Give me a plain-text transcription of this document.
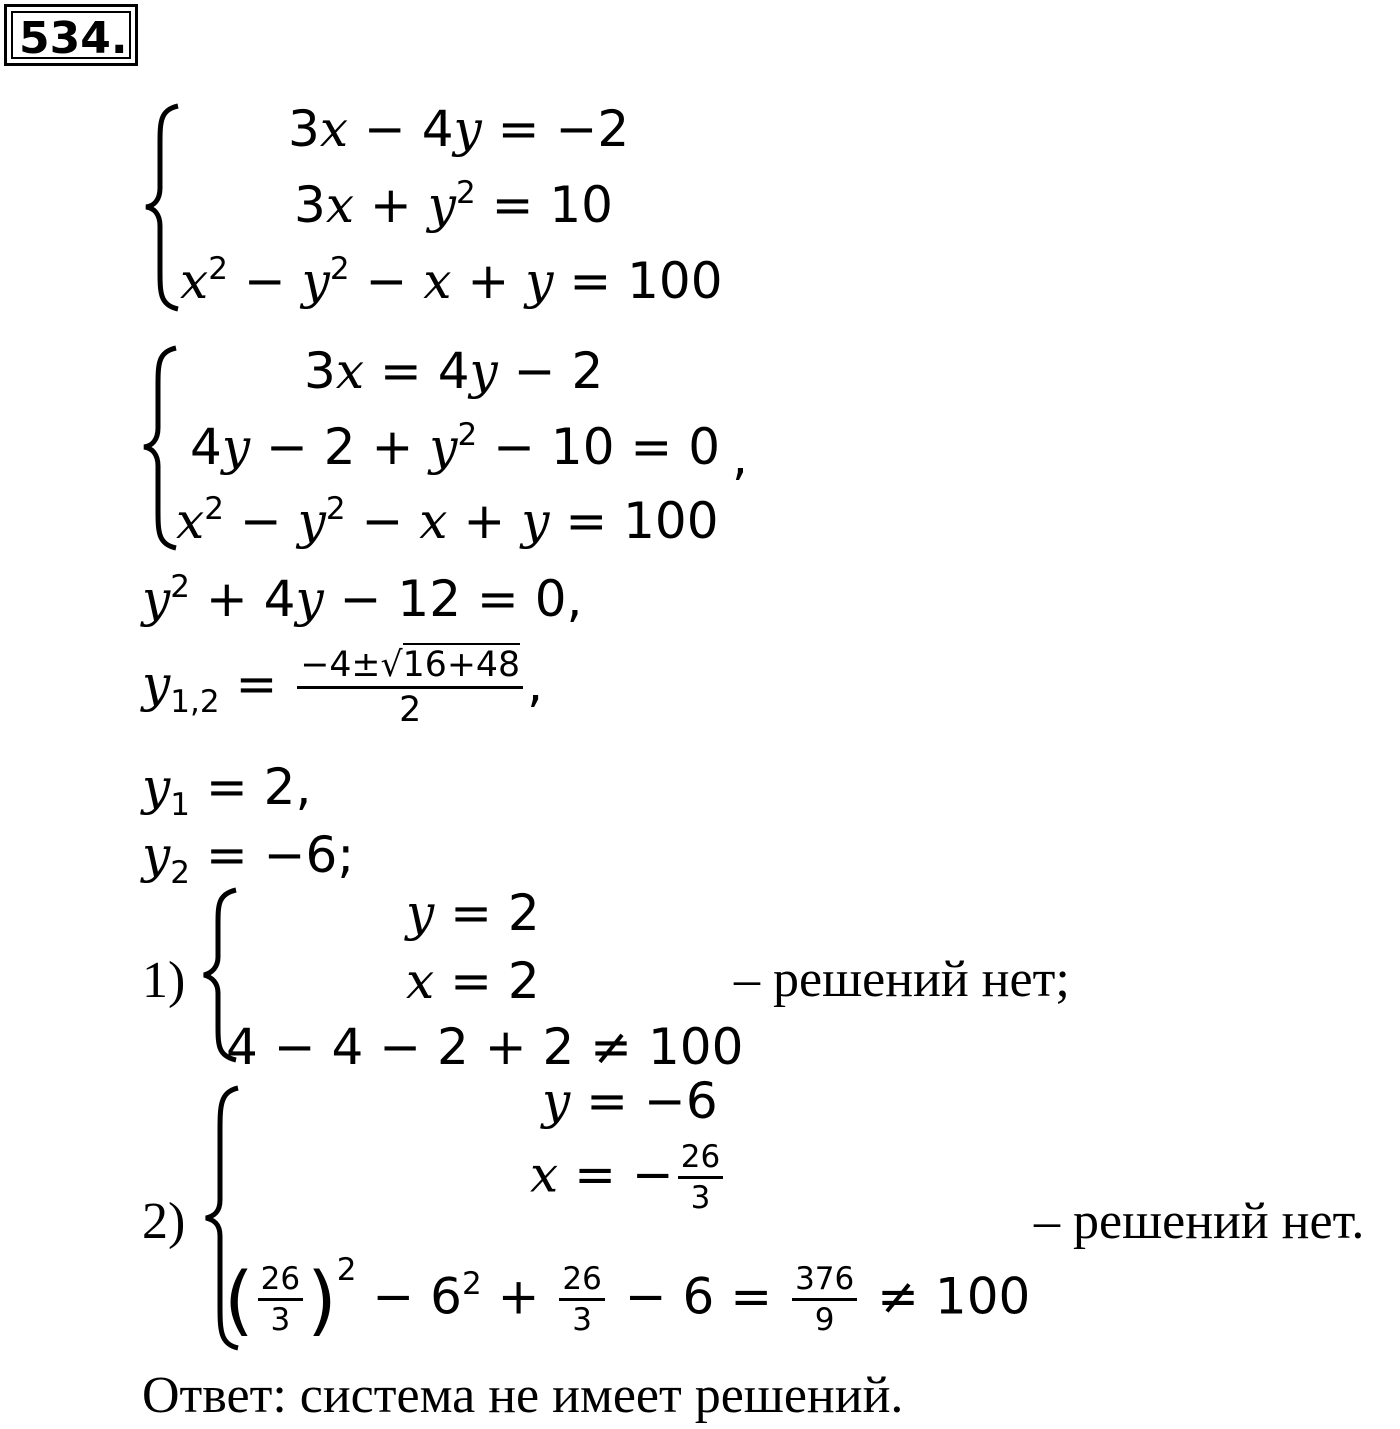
534.
3x − 4y = −2
$3x + y^2 = 10$
$x^2 - y^2 - x + y = 100$
3x = 4y − 2
$4y - 2 + y^2 - 10 = 0$ ,
$x^2 - y^2 - x + y = 100$
$y^2 + 4y - 12 = 0$,
$y_{1,2} = \frac{-4\pm√16+48}{2}$ ,
$y_1 = 2$,
$y_2 = -6$;
1)
y = 2
x = 2
4 − 4 − 2 + 2 ≠ 100
– решений нет;
2)
y = −6
x = − $\frac{26}{3}$
( $\frac{26}{3} )^2 - 6^2 + \frac{26}{3} - 6 = \frac{376}{9} \ne 100$
– решений нет.
Ответ: система не имеет решений.
